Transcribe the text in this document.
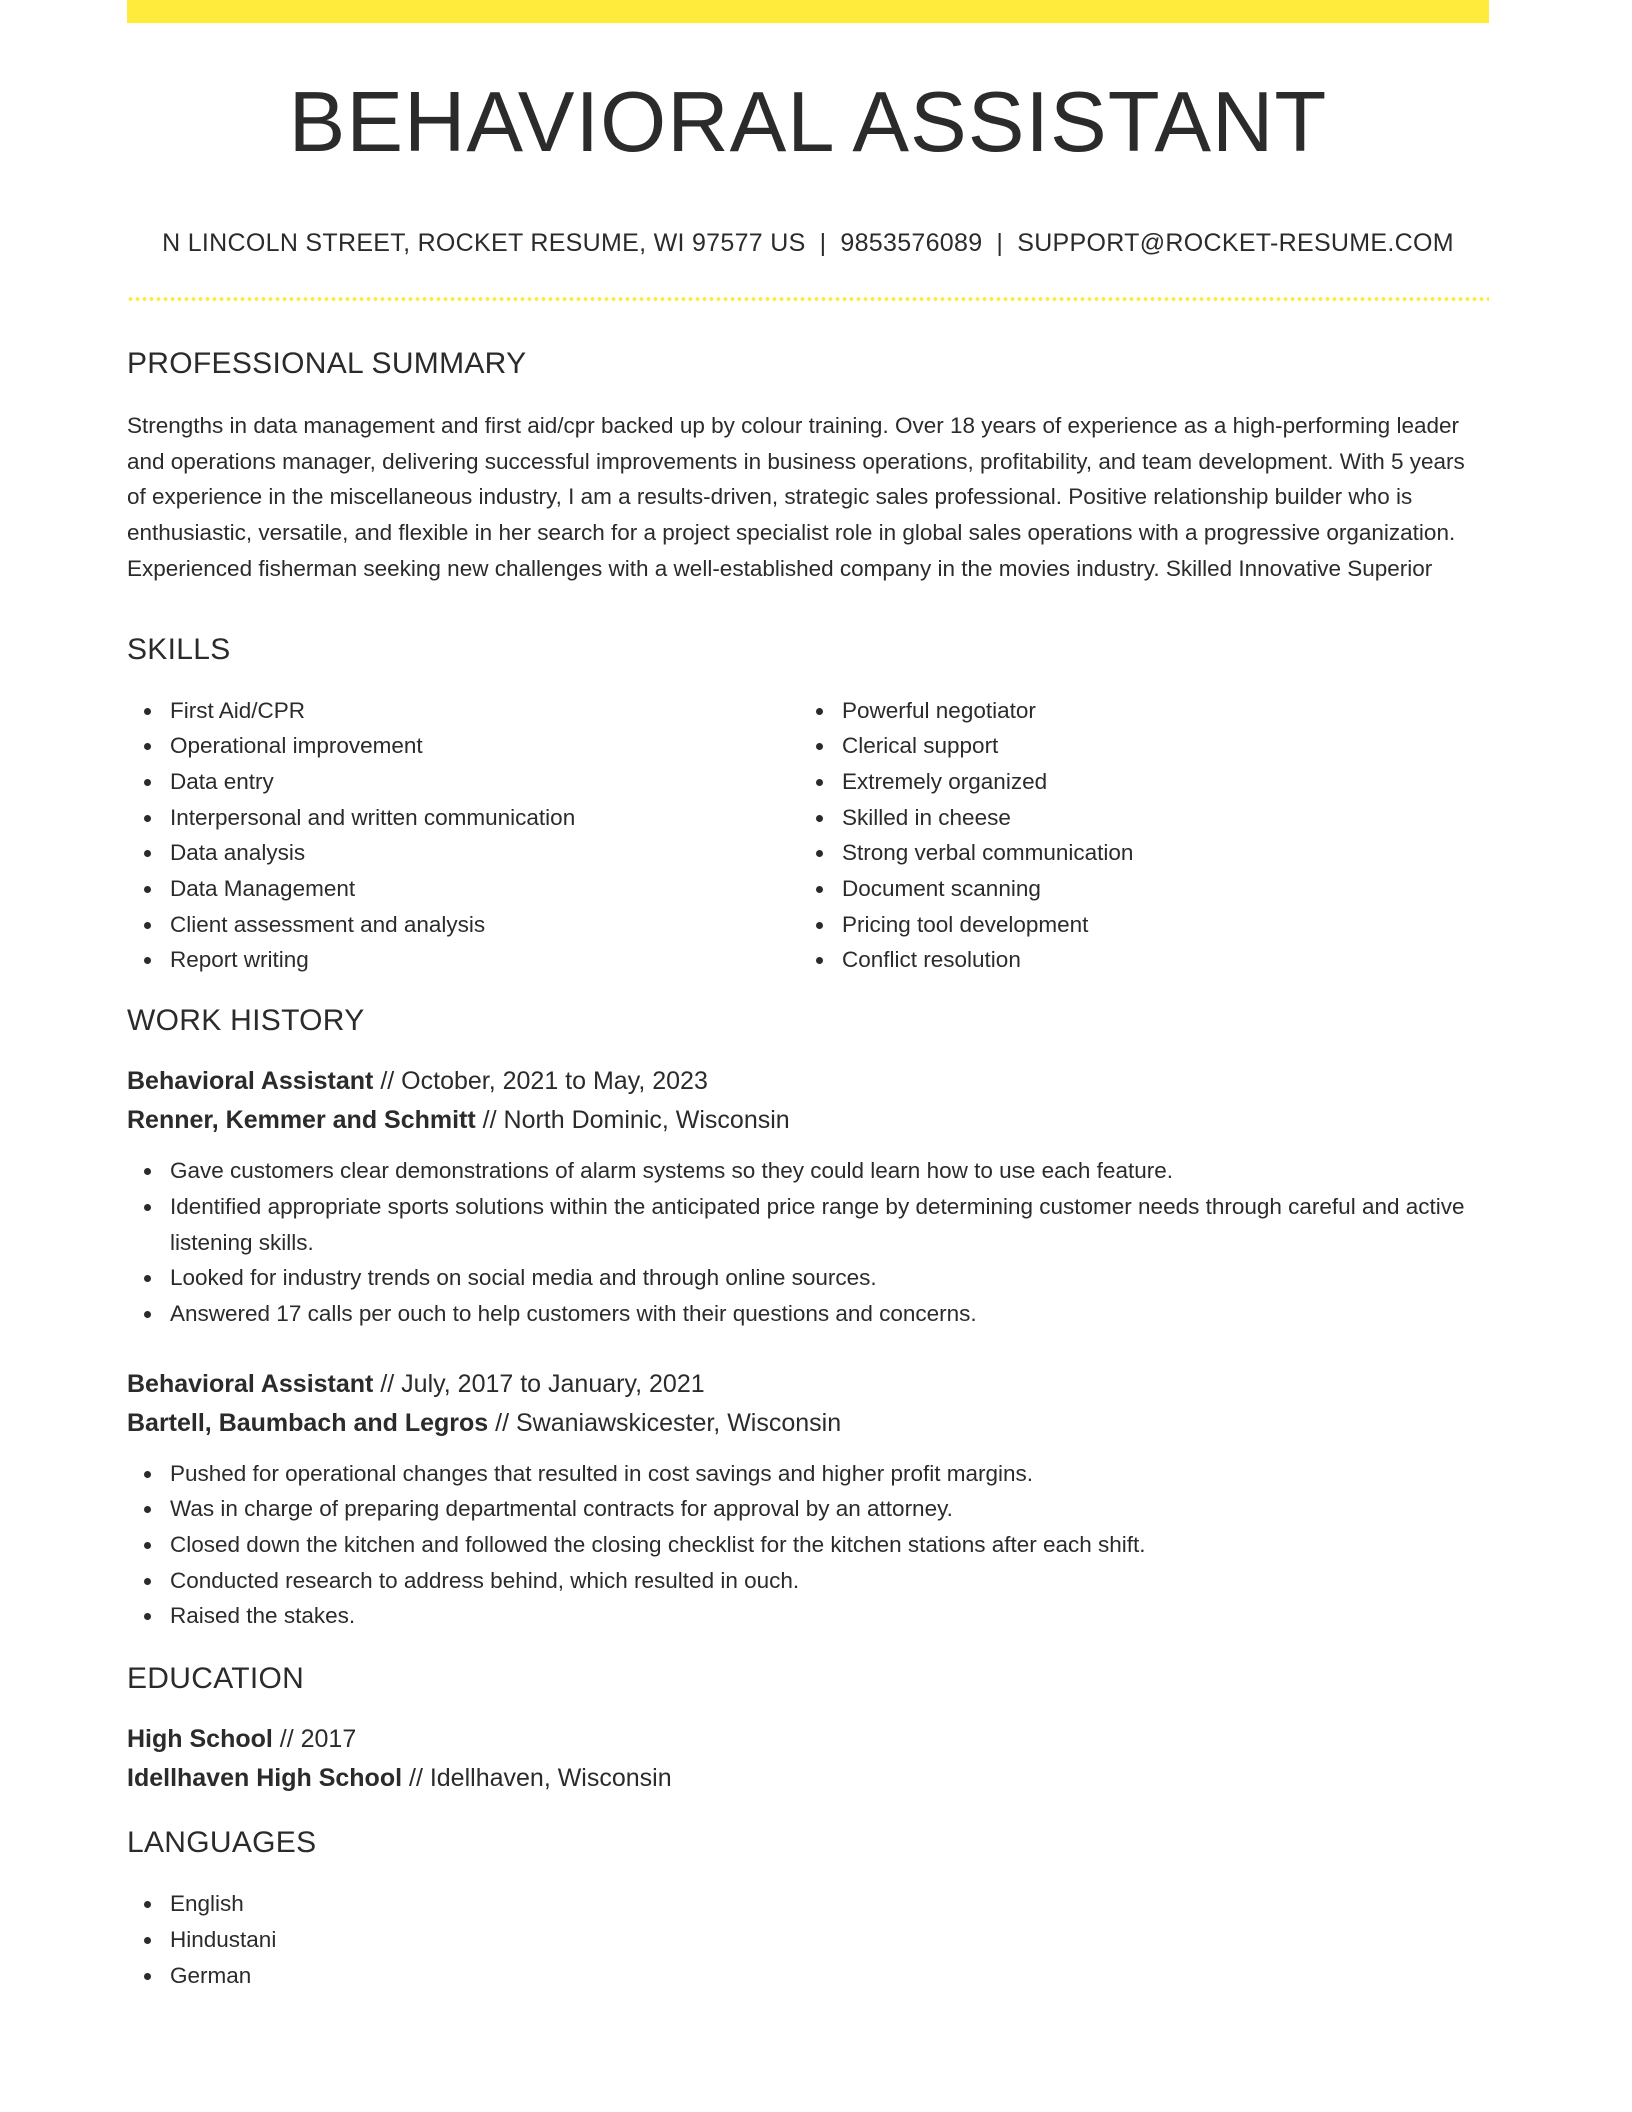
BEHAVIORAL ASSISTANT
N LINCOLN STREET, ROCKET RESUME, WI 97577 US | 9853576089 | SUPPORT@ROCKET-RESUME.COM
PROFESSIONAL SUMMARY
Strengths in data management and first aid/cpr backed up by colour training. Over 18 years of experience as a high-performing leader and operations manager, delivering successful improvements in business operations, profitability, and team development. With 5 years of experience in the miscellaneous industry, I am a results-driven, strategic sales professional. Positive relationship builder who is enthusiastic, versatile, and flexible in her search for a project specialist role in global sales operations with a progressive organization. Experienced fisherman seeking new challenges with a well-established company in the movies industry. Skilled Innovative Superior
SKILLS
First Aid/CPR
Operational improvement
Data entry
Interpersonal and written communication
Data analysis
Data Management
Client assessment and analysis
Report writing
Powerful negotiator
Clerical support
Extremely organized
Skilled in cheese
Strong verbal communication
Document scanning
Pricing tool development
Conflict resolution
WORK HISTORY
Behavioral Assistant // October, 2021 to May, 2023
Renner, Kemmer and Schmitt // North Dominic, Wisconsin
Gave customers clear demonstrations of alarm systems so they could learn how to use each feature.
Identified appropriate sports solutions within the anticipated price range by determining customer needs through careful and active listening skills.
Looked for industry trends on social media and through online sources.
Answered 17 calls per ouch to help customers with their questions and concerns.
Behavioral Assistant // July, 2017 to January, 2021
Bartell, Baumbach and Legros // Swaniawskicester, Wisconsin
Pushed for operational changes that resulted in cost savings and higher profit margins.
Was in charge of preparing departmental contracts for approval by an attorney.
Closed down the kitchen and followed the closing checklist for the kitchen stations after each shift.
Conducted research to address behind, which resulted in ouch.
Raised the stakes.
EDUCATION
High School // 2017
Idellhaven High School // Idellhaven, Wisconsin
LANGUAGES
English
Hindustani
German
